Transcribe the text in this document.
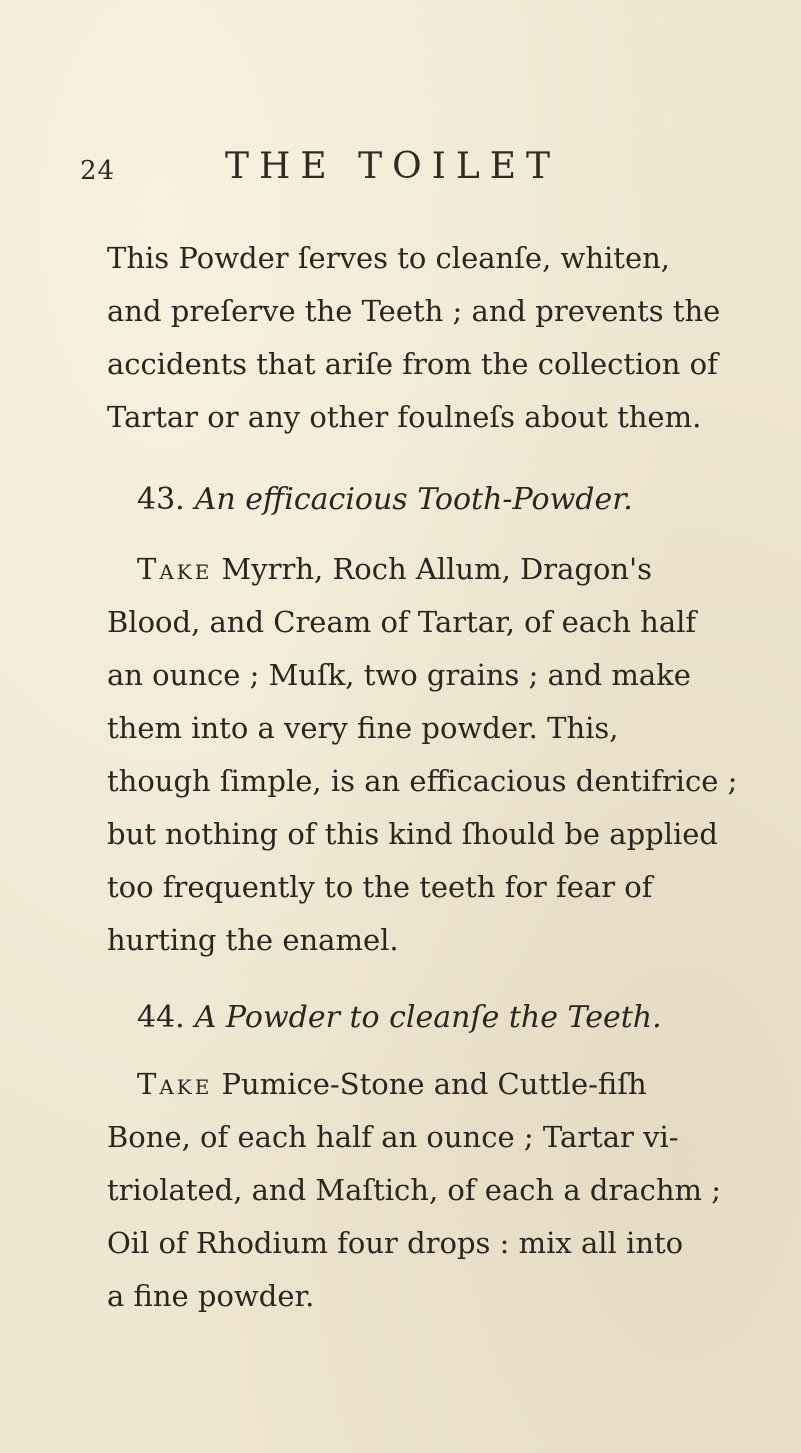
24	THE TOILET

This Powder ſerves to cleanſe, whiten,
and preſerve the Teeth ; and prevents the
accidents that ariſe from the collection of
Tartar or any other foulneſs about them.

43. An efficacious Tooth-Powder.

Take Myrrh, Roch Allum, Dragon's
Blood, and Cream of Tartar, of each half
an ounce ; Muſk, two grains ; and make
them into a very fine powder. This,
though ſimple, is an efficacious dentifrice ;
but nothing of this kind ſhould be applied
too frequently to the teeth for fear of
hurting the enamel.

44. A Powder to cleanſe the Teeth.

Take Pumice-Stone and Cuttle-fiſh
Bone, of each half an ounce ; Tartar vi-
triolated, and Maſtich, of each a drachm ;
Oil of Rhodium four drops : mix all into
a fine powder.
